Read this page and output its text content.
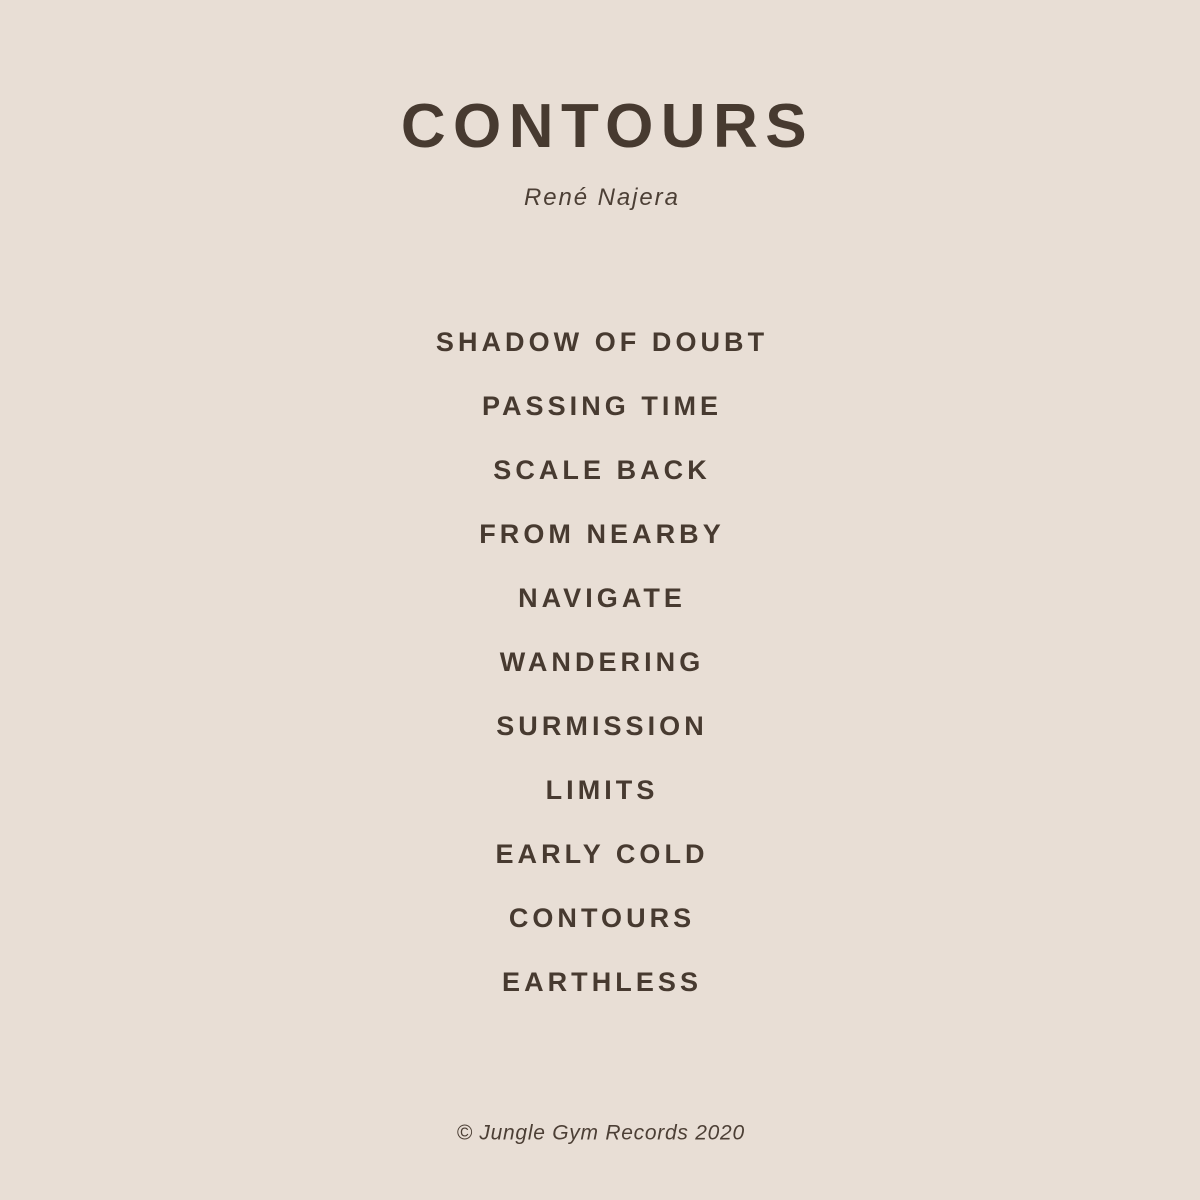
CONTOURS
René Najera
SHADOW OF DOUBT
PASSING TIME
SCALE BACK
FROM NEARBY
NAVIGATE
WANDERING
SURMISSION
LIMITS
EARLY COLD
CONTOURS
EARTHLESS
© Jungle Gym Records 2020
